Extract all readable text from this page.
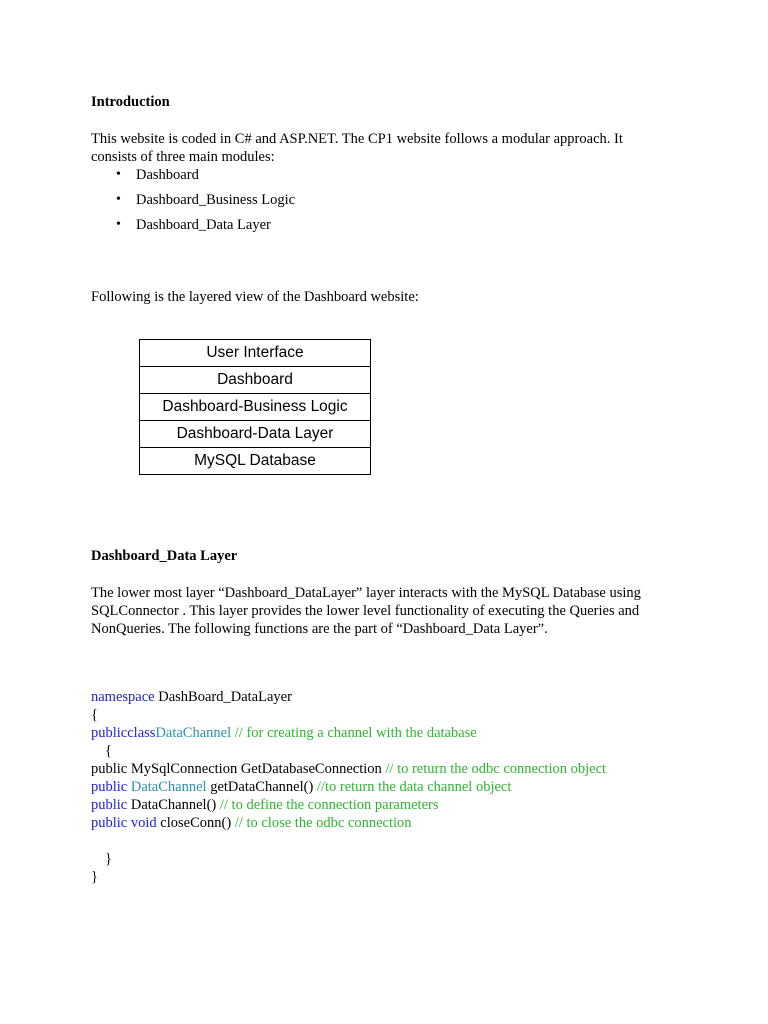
Introduction
This website is coded in C# and ASP.NET. The CP1 website follows a modular approach. It
consists of three main modules:
• Dashboard
• Dashboard_Business Logic
• Dashboard_Data Layer
Following is the layered view of the Dashboard website:
User Interface
Dashboard
Dashboard-Business Logic
Dashboard-Data Layer
MySQL Database
Dashboard_Data Layer
The lower most layer “Dashboard_DataLayer” layer interacts with the MySQL Database using
SQLConnector . This layer provides the lower level functionality of executing the Queries and
NonQueries. The following functions are the part of “Dashboard_Data Layer”.
namespace DashBoard_DataLayer
{
publicclassDataChannel // for creating a channel with the database
{
public MySqlConnection GetDatabaseConnection // to return the odbc connection object
public DataChannel getDataChannel() //to return the data channel object
public DataChannel() // to define the connection parameters
public void closeConn() // to close the odbc connection
}
}
